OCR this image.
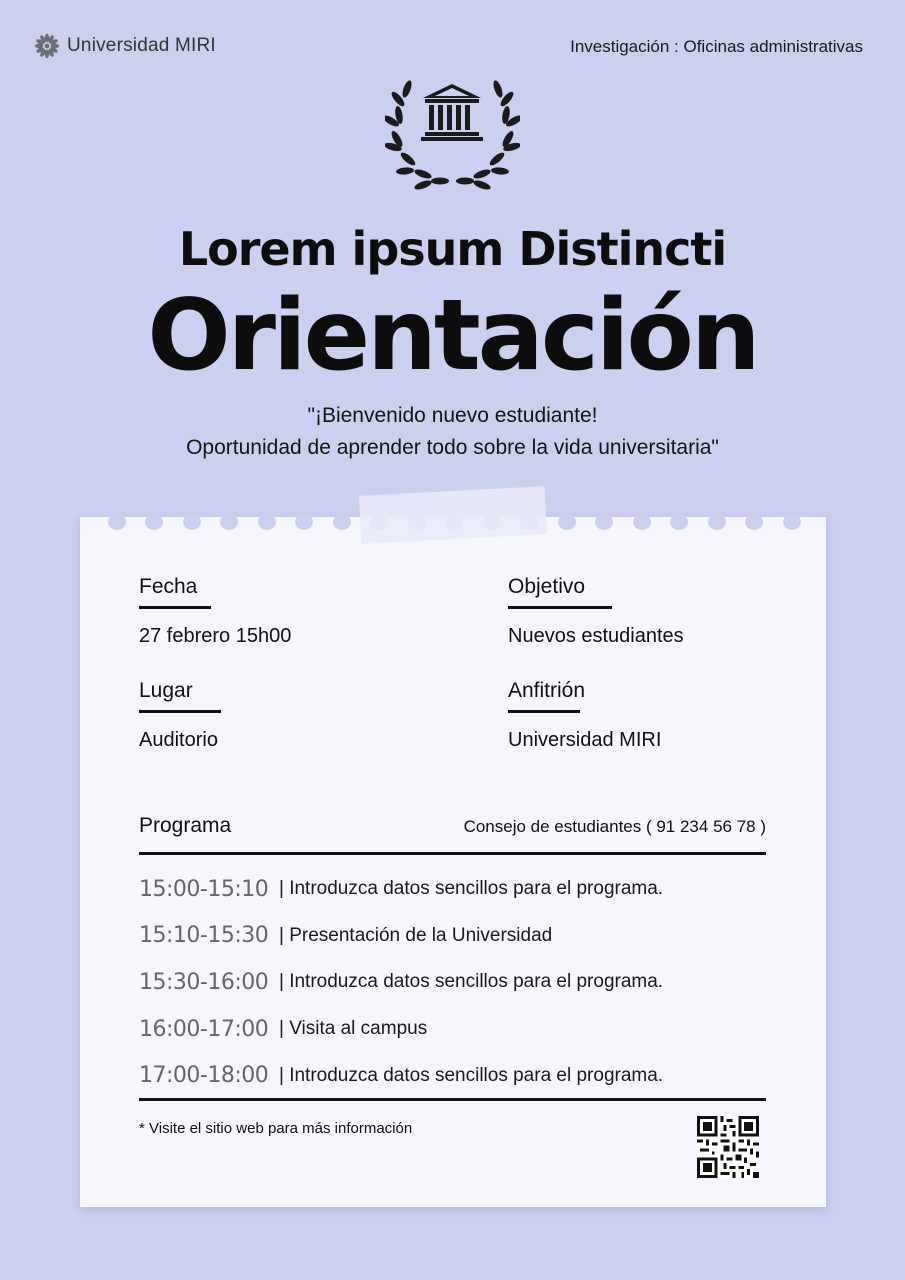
Universidad MIRI	Investigación : Oficinas administrativas
Lorem ipsum Distincti
Orientación
"¡Bienvenido nuevo estudiante!
Oportunidad de aprender todo sobre la vida universitaria"
Fecha
27 febrero 15h00
Objetivo
Nuevos estudiantes
Lugar
Auditorio
Anfitrión
Universidad MIRI
Programa	Consejo de estudiantes ( 91 234 56 78 )
15:00-15:10 | Introduzca datos sencillos para el programa.
15:10-15:30 | Presentación de la Universidad
15:30-16:00 | Introduzca datos sencillos para el programa.
16:00-17:00 | Visita al campus
17:00-18:00 | Introduzca datos sencillos para el programa.
* Visite el sitio web para más información
